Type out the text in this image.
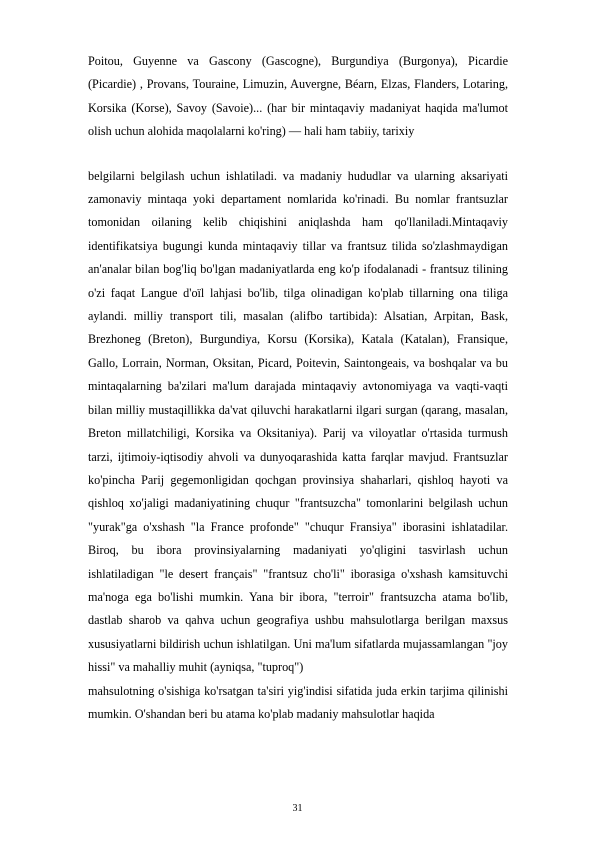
Poitou, Guyenne va Gascony (Gascogne), Burgundiya (Burgonya), Picardie (Picardie) , Provans, Touraine, Limuzin, Auvergne, Béarn, Elzas, Flanders, Lotaring, Korsika (Korse), Savoy (Savoie)... (har bir mintaqaviy madaniyat haqida ma'lumot olish uchun alohida maqolalarni ko'ring) — hali ham tabiiy, tarixiy

belgilarni belgilash uchun ishlatiladi. va madaniy hududlar va ularning aksariyati zamonaviy mintaqa yoki departament nomlarida ko'rinadi. Bu nomlar frantsuzlar tomonidan oilaning kelib chiqishini aniqlashda ham qo'llaniladi.Mintaqaviy identifikatsiya bugungi kunda mintaqaviy tillar va frantsuz tilida so'zlashmaydigan an'analar bilan bog'liq bo'lgan madaniyatlarda eng ko'p ifodalanadi - frantsuz tilining o'zi faqat Langue d'oïl lahjasi bo'lib, tilga olinadigan ko'plab tillarning ona tiliga aylandi. milliy transport tili, masalan (alifbo tartibida): Alsatian, Arpitan, Bask, Brezhoneg (Breton), Burgundiya, Korsu (Korsika), Katala (Katalan), Fransique, Gallo, Lorrain, Norman, Oksitan, Picard, Poitevin, Saintongeais, va boshqalar va bu mintaqalarning ba'zilari ma'lum darajada mintaqaviy avtonomiyaga va vaqti-vaqti bilan milliy mustaqillikka da'vat qiluvchi harakatlarni ilgari surgan (qarang, masalan, Breton millatchiligi, Korsika va Oksitaniya). Parij va viloyatlar o'rtasida turmush tarzi, ijtimoiy-iqtisodiy ahvoli va dunyoqarashida katta farqlar mavjud. Frantsuzlar ko'pincha Parij gegemonligidan qochgan provinsiya shaharlari, qishloq hayoti va qishloq xo'jaligi madaniyatining chuqur "frantsuzcha" tomonlarini belgilash uchun "yurak"ga o'xshash "la France profonde" "chuqur Fransiya" iborasini ishlatadilar. Biroq, bu ibora provinsiyalarning madaniyati yo'qligini tasvirlash uchun ishlatiladigan "le desert français" "frantsuz cho'li" iborasiga o'xshash kamsituvchi ma'noga ega bo'lishi mumkin. Yana bir ibora, "terroir" frantsuzcha atama bo'lib, dastlab sharob va qahva uchun geografiya ushbu mahsulotlarga berilgan maxsus xususiyatlarni bildirish uchun ishlatilgan. Uni ma'lum sifatlarda mujassamlangan "joy hissi" va mahalliy muhit (ayniqsa, "tuproq")

mahsulotning o'sishiga ko'rsatgan ta'siri yig'indisi sifatida juda erkin tarjima qilinishi mumkin. O'shandan beri bu atama ko'plab madaniy mahsulotlar haqida

31
